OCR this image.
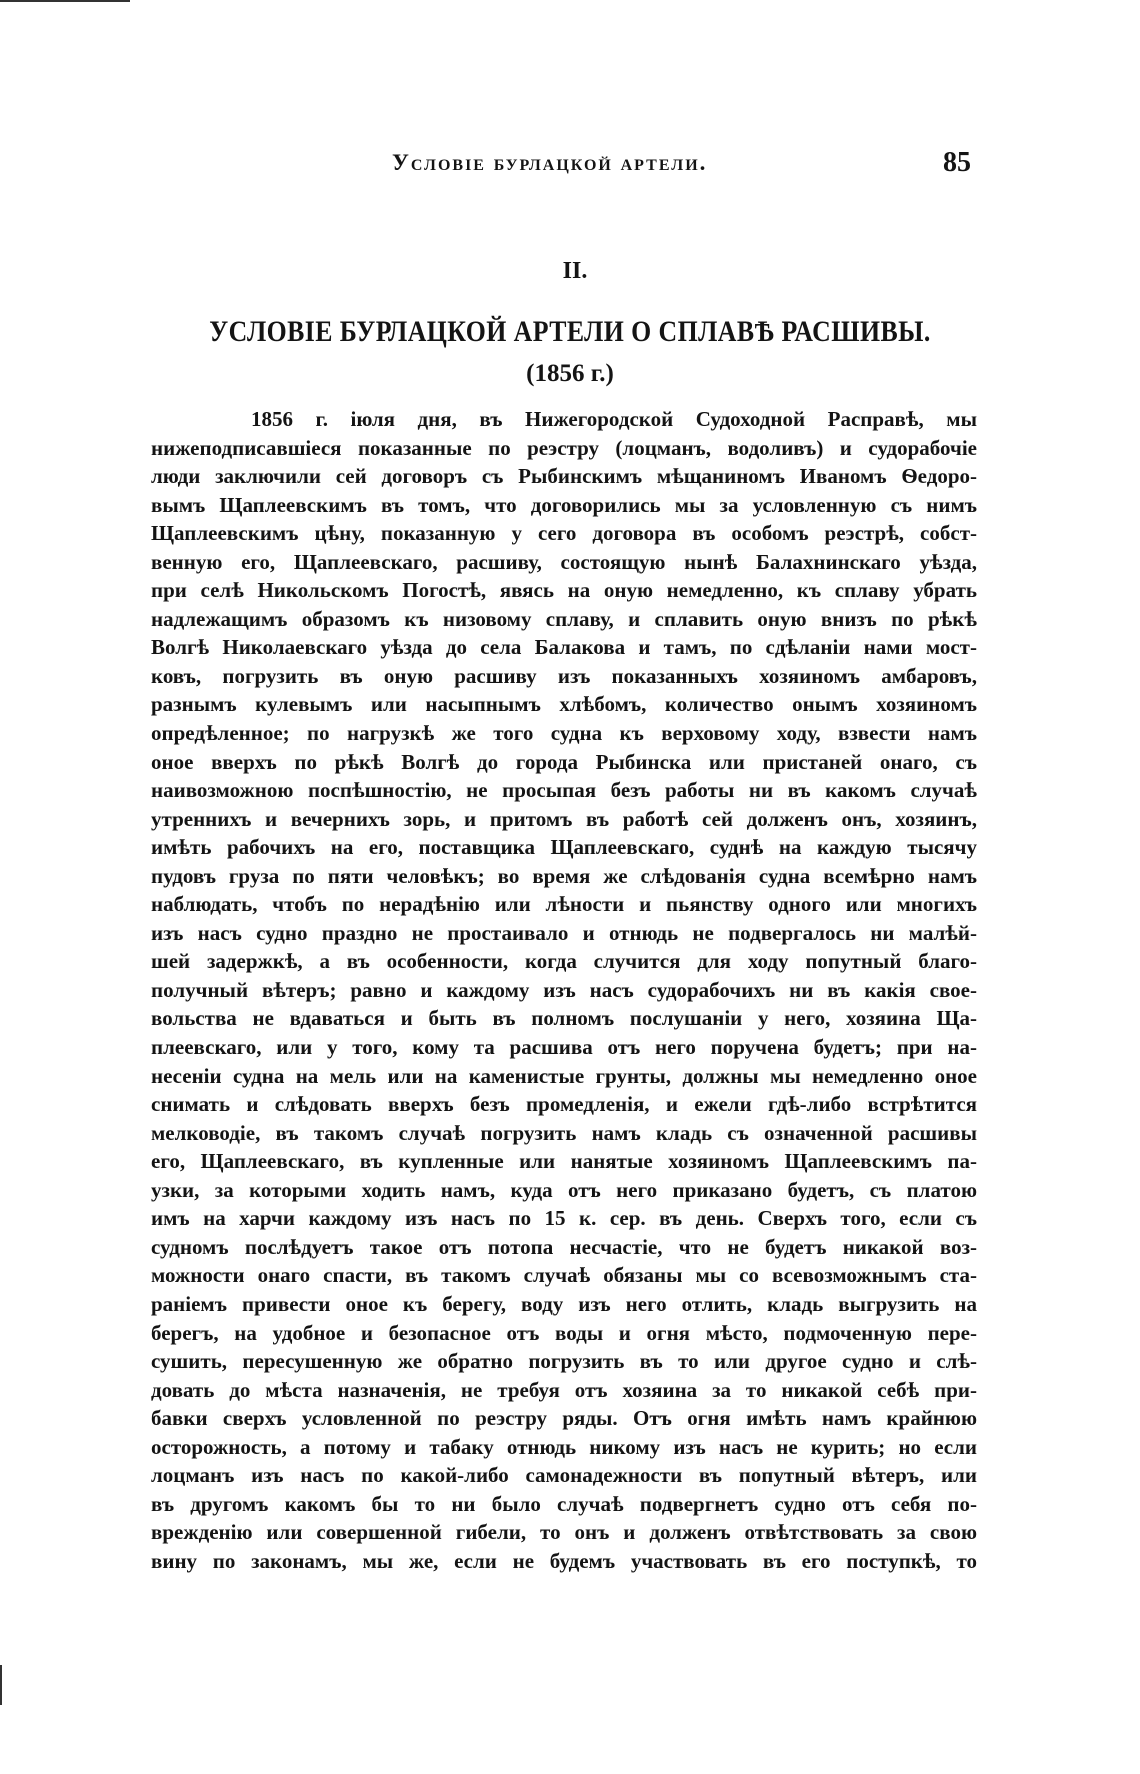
Условіе бурлацкой артели.	85
II.
УСЛОВІЕ БУРЛАЦКОЙ АРТЕЛИ О СПЛАВѢ РАСШИВЫ.
(1856 г.)
1856 г. іюля дня, въ Нижегородской Судоходной Расправѣ, мы
нижеподписавшіеся показанные по реэстру (лоцманъ, водоливъ) и судорабочіе
люди заключили сей договоръ съ Рыбинскимъ мѣщаниномъ Иваномъ Ѳедоро-
вымъ Щаплеевскимъ въ томъ, что договорились мы за условленную съ нимъ
Щаплеевскимъ цѣну, показанную у сего договора въ особомъ реэстрѣ, собст-
венную его, Щаплеевскаго, расшиву, состоящую нынѣ Балахнинскаго уѣзда,
при селѣ Никольскомъ Погостѣ, явясь на оную немедленно, къ сплаву убрать
надлежащимъ образомъ къ низовому сплаву, и сплавить оную внизъ по рѣкѣ
Волгѣ Николаевскаго уѣзда до села Балакова и тамъ, по сдѣланіи нами мост-
ковъ, погрузить въ оную расшиву изъ показанныхъ хозяиномъ амбаровъ,
разнымъ кулевымъ или насыпнымъ хлѣбомъ, количество онымъ хозяиномъ
опредѣленное; по нагрузкѣ же того судна къ верховому ходу, взвести намъ
оное вверхъ по рѣкѣ Волгѣ до города Рыбинска или пристаней онаго, съ
наивозможною поспѣшностію, не просыпая безъ работы ни въ какомъ случаѣ
утреннихъ и вечернихъ зорь, и притомъ въ работѣ сей долженъ онъ, хозяинъ,
имѣть рабочихъ на его, поставщика Щаплеевскаго, суднѣ на каждую тысячу
пудовъ груза по пяти человѣкъ; во время же слѣдованія судна всемѣрно намъ
наблюдать, чтобъ по нерадѣнію или лѣности и пьянству одного или многихъ
изъ насъ судно праздно не простаивало и отнюдь не подвергалось ни малѣй-
шей задержкѣ, а въ особенности, когда случится для ходу попутный благо-
получный вѣтеръ; равно и каждому изъ насъ судорабочихъ ни въ какія свое-
вольства не вдаваться и быть въ полномъ послушаніи у него, хозяина Ща-
плеевскаго, или у того, кому та расшива отъ него поручена будетъ; при на-
несеніи судна на мель или на каменистые грунты, должны мы немедленно оное
снимать и слѣдовать вверхъ безъ промедленія, и ежели гдѣ-либо встрѣтится
мелководіе, въ такомъ случаѣ погрузить намъ кладь съ означенной расшивы
его, Щаплеевскаго, въ купленные или нанятые хозяиномъ Щаплеевскимъ па-
узки, за которыми ходить намъ, куда отъ него приказано будетъ, съ платою
имъ на харчи каждому изъ насъ по 15 к. сер. въ день. Сверхъ того, если съ
судномъ послѣдуетъ такое отъ потопа несчастіе, что не будетъ никакой воз-
можности онаго спасти, въ такомъ случаѣ обязаны мы со всевозможнымъ ста-
раніемъ привести оное къ берегу, воду изъ него отлить, кладь выгрузить на
берегъ, на удобное и безопасное отъ воды и огня мѣсто, подмоченную пере-
сушить, пересушенную же обратно погрузить въ то или другое судно и слѣ-
довать до мѣста назначенія, не требуя отъ хозяина за то никакой себѣ при-
бавки сверхъ условленной по реэстру ряды. Отъ огня имѣть намъ крайнюю
осторожность, а потому и табаку отнюдь никому изъ насъ не курить; но если
лоцманъ изъ насъ по какой-либо самонадежности въ попутный вѣтеръ, или
въ другомъ какомъ бы то ни было случаѣ подвергнетъ судно отъ себя по-
врежденію или совершенной гибели, то онъ и долженъ отвѣтствовать за свою
вину по законамъ, мы же, если не будемъ участвовать въ его поступкѣ, то
